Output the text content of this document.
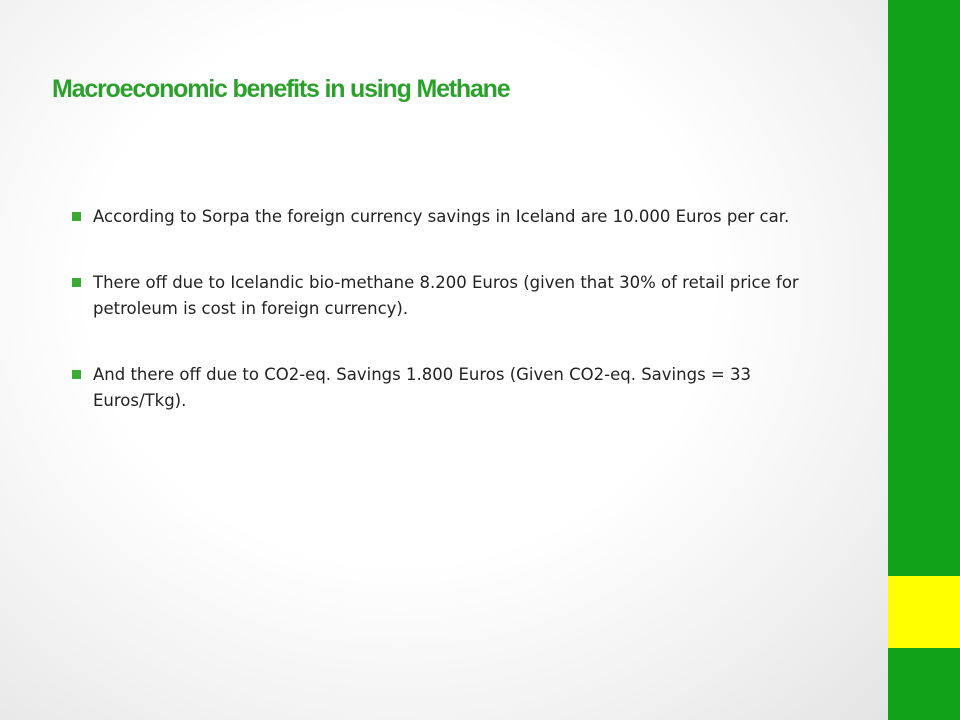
Macroeconomic benefits in using Methane
According to Sorpa the foreign currency savings in Iceland are 10.000 Euros per car.
There off due to Icelandic bio-methane 8.200 Euros (given that 30% of retail price for petroleum is cost in foreign currency).
And there off due to CO2-eq. Savings 1.800 Euros (Given CO2-eq. Savings = 33 Euros/Tkg).
